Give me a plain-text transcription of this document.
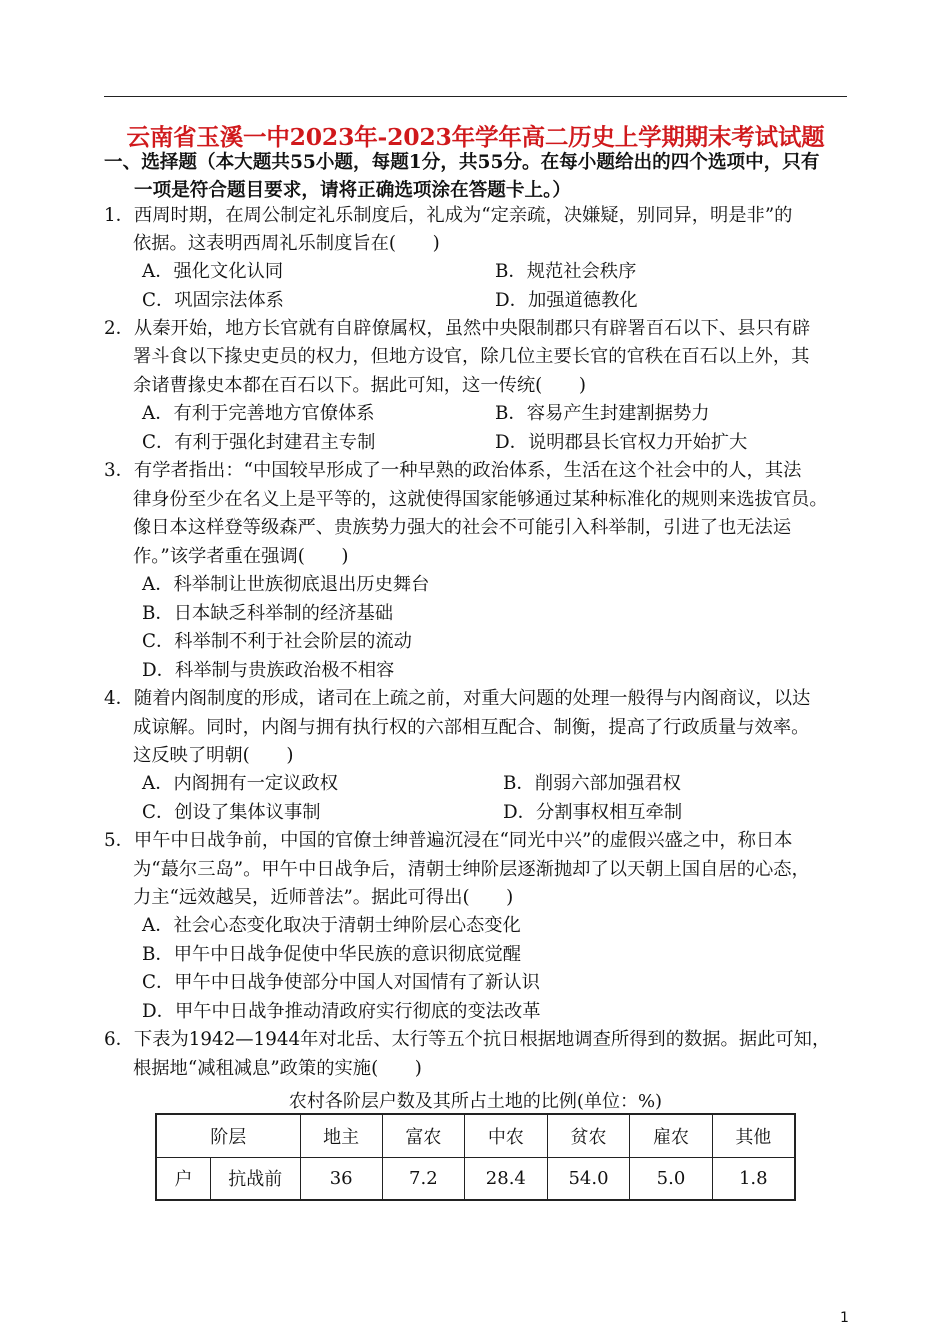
云南省玉溪一中2023年-2023年学年高二历史上学期期末考试试题
一、选择题（本大题共55小题，每题1分，共55分。在每小题给出的四个选项中，只有
一项是符合题目要求，请将正确选项涂在答题卡上。）
1．西周时期，在周公制定礼乐制度后，礼成为“定亲疏，决嫌疑，别同异，明是非”的
依据。这表明西周礼乐制度旨在(　　)
A．强化文化认同	B．规范社会秩序
C．巩固宗法体系	D．加强道德教化
2．从秦开始，地方长官就有自辟僚属权，虽然中央限制郡只有辟署百石以下、县只有辟
署斗食以下掾史吏员的权力，但地方设官，除几位主要长官的官秩在百石以上外，其
余诸曹掾史本都在百石以下。据此可知，这一传统(　　)
A．有利于完善地方官僚体系	B．容易产生封建割据势力
C．有利于强化封建君主专制	D．说明郡县长官权力开始扩大
3．有学者指出：“中国较早形成了一种早熟的政治体系，生活在这个社会中的人，其法
律身份至少在名义上是平等的，这就使得国家能够通过某种标准化的规则来选拔官员。
像日本这样登等级森严、贵族势力强大的社会不可能引入科举制，引进了也无法运
作。”该学者重在强调(　　)
A．科举制让世族彻底退出历史舞台
B．日本缺乏科举制的经济基础
C．科举制不利于社会阶层的流动
D．科举制与贵族政治极不相容
4．随着内阁制度的形成，诸司在上疏之前，对重大问题的处理一般得与内阁商议，以达
成谅解。同时，内阁与拥有执行权的六部相互配合、制衡，提高了行政质量与效率。
这反映了明朝(　　)
A．内阁拥有一定议政权	B．削弱六部加强君权
C．创设了集体议事制	D．分割事权相互牵制
5．甲午中日战争前，中国的官僚士绅普遍沉浸在“同光中兴”的虚假兴盛之中，称日本
为“蕞尔三岛”。甲午中日战争后，清朝士绅阶层逐渐抛却了以天朝上国自居的心态，
力主“远效越吴，近师普法”。据此可得出(　　)
A．社会心态变化取决于清朝士绅阶层心态变化
B．甲午中日战争促使中华民族的意识彻底觉醒
C．甲午中日战争使部分中国人对国情有了新认识
D．甲午中日战争推动清政府实行彻底的变法改革
6．下表为1942—1944年对北岳、太行等五个抗日根据地调查所得到的数据。据此可知，
根据地“减租减息”政策的实施(　　)
农村各阶层户数及其所占土地的比例(单位：%)
阶层		地主	富农	中农	贫农	雇农	其他
户	抗战前	36	7.2	28.4	54.0	5.0	1.8
1
